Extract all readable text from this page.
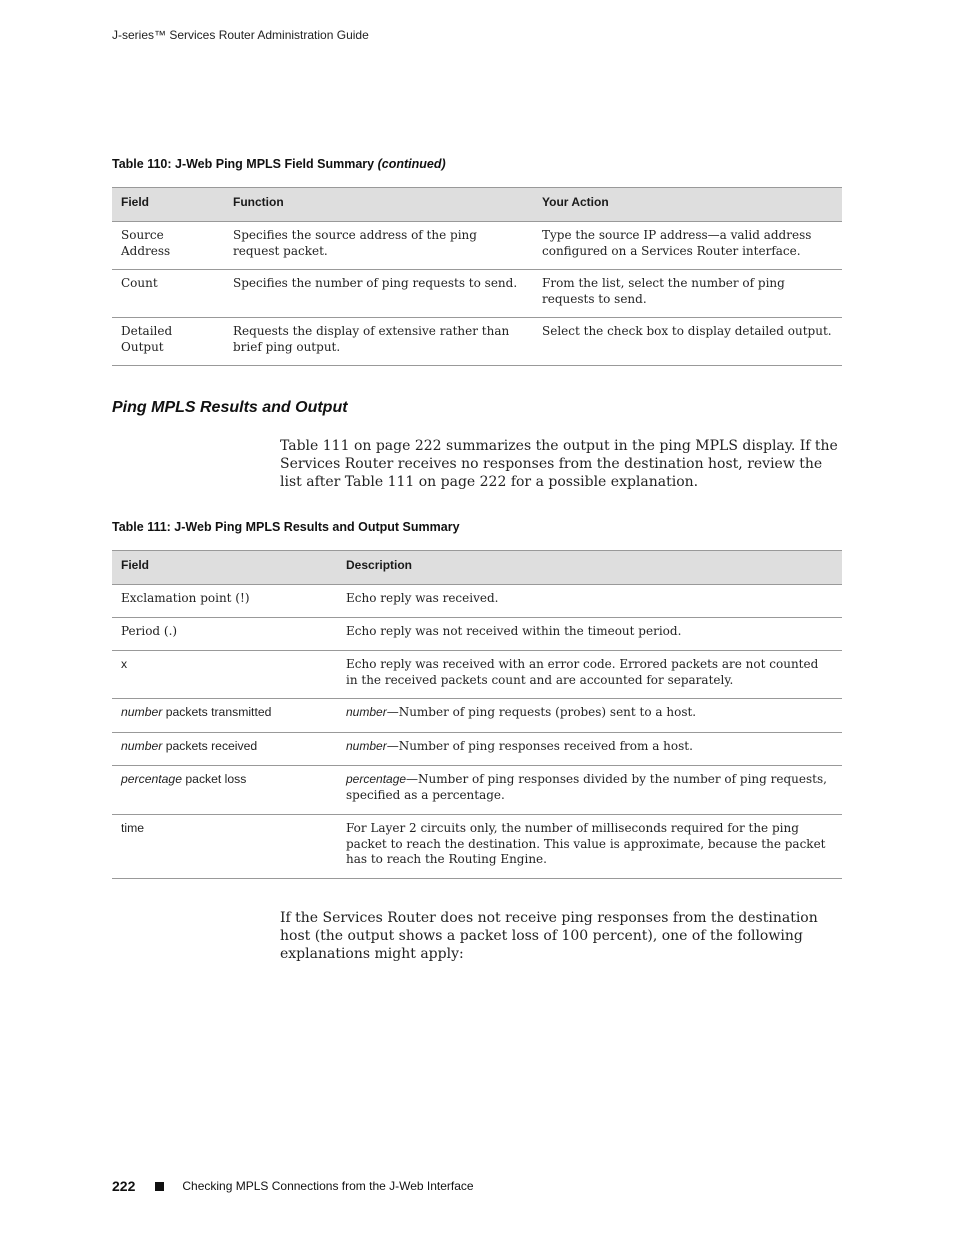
J-series™ Services Router Administration Guide
Table 110: J-Web Ping MPLS Field Summary (continued)
Field	Function	Your Action
Source Address	Specifies the source address of the ping request packet.	Type the source IP address—a valid address configured on a Services Router interface.
Count	Specifies the number of ping requests to send.	From the list, select the number of ping requests to send.
Detailed Output	Requests the display of extensive rather than brief ping output.	Select the check box to display detailed output.
Ping MPLS Results and Output
Table 111 on page 222 summarizes the output in the ping MPLS display. If the Services Router receives no responses from the destination host, review the list after Table 111 on page 222 for a possible explanation.
Table 111: J-Web Ping MPLS Results and Output Summary
Field	Description
Exclamation point (!)	Echo reply was received.
Period (.)	Echo reply was not received within the timeout period.
x	Echo reply was received with an error code. Errored packets are not counted in the received packets count and are accounted for separately.
number packets transmitted	number—Number of ping requests (probes) sent to a host.
number packets received	number—Number of ping responses received from a host.
percentage packet loss	percentage—Number of ping responses divided by the number of ping requests, specified as a percentage.
time	For Layer 2 circuits only, the number of milliseconds required for the ping packet to reach the destination. This value is approximate, because the packet has to reach the Routing Engine.
If the Services Router does not receive ping responses from the destination host (the output shows a packet loss of 100 percent), one of the following explanations might apply:
222	Checking MPLS Connections from the J-Web Interface
